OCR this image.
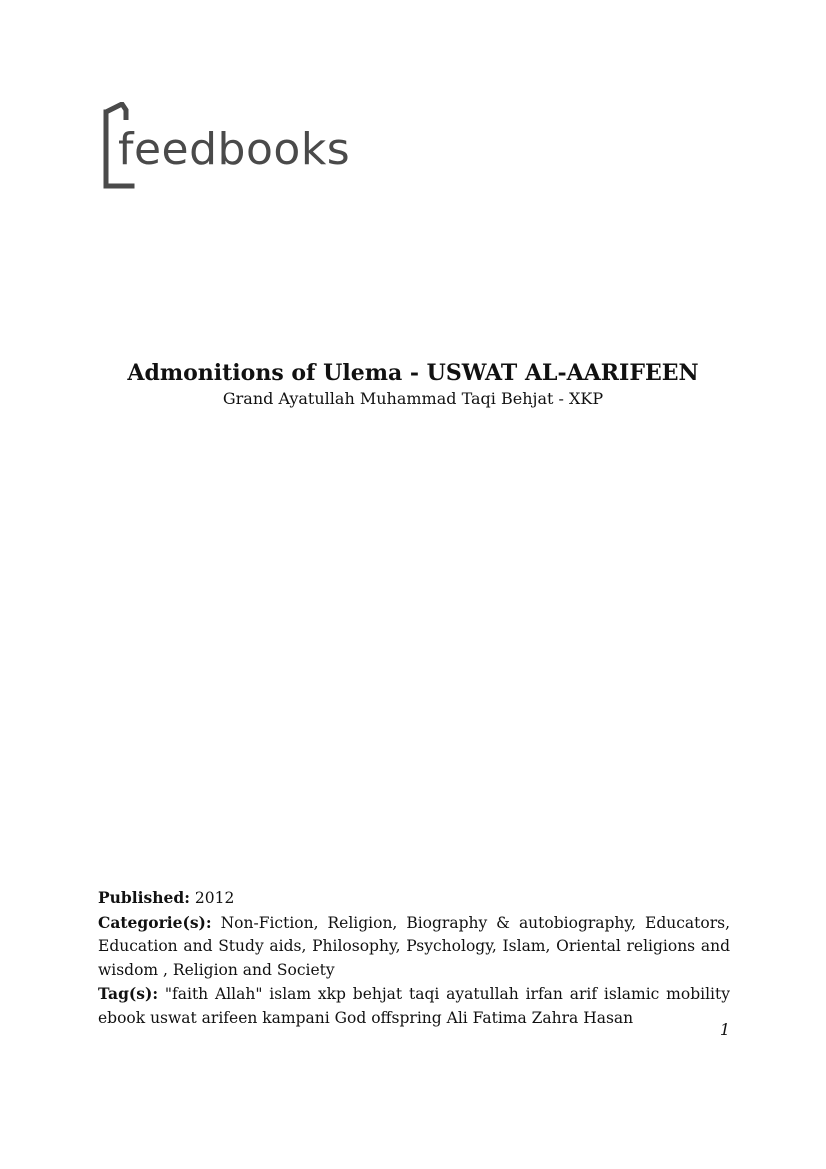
feedbooks

Admonitions of Ulema - USWAT AL-AARIFEEN

Grand Ayatullah Muhammad Taqi Behjat - XKP

Published: 2012

Categorie(s): Non-Fiction, Religion, Biography & autobiography, Educators, Education and Study aids, Philosophy, Psychology, Islam, Oriental religions and wisdom , Religion and Society

Tag(s): "faith Allah" islam xkp behjat taqi ayatullah irfan arif islamic mobility ebook uswat arifeen kampani God offspring Ali Fatima Zahra Hasan

1
